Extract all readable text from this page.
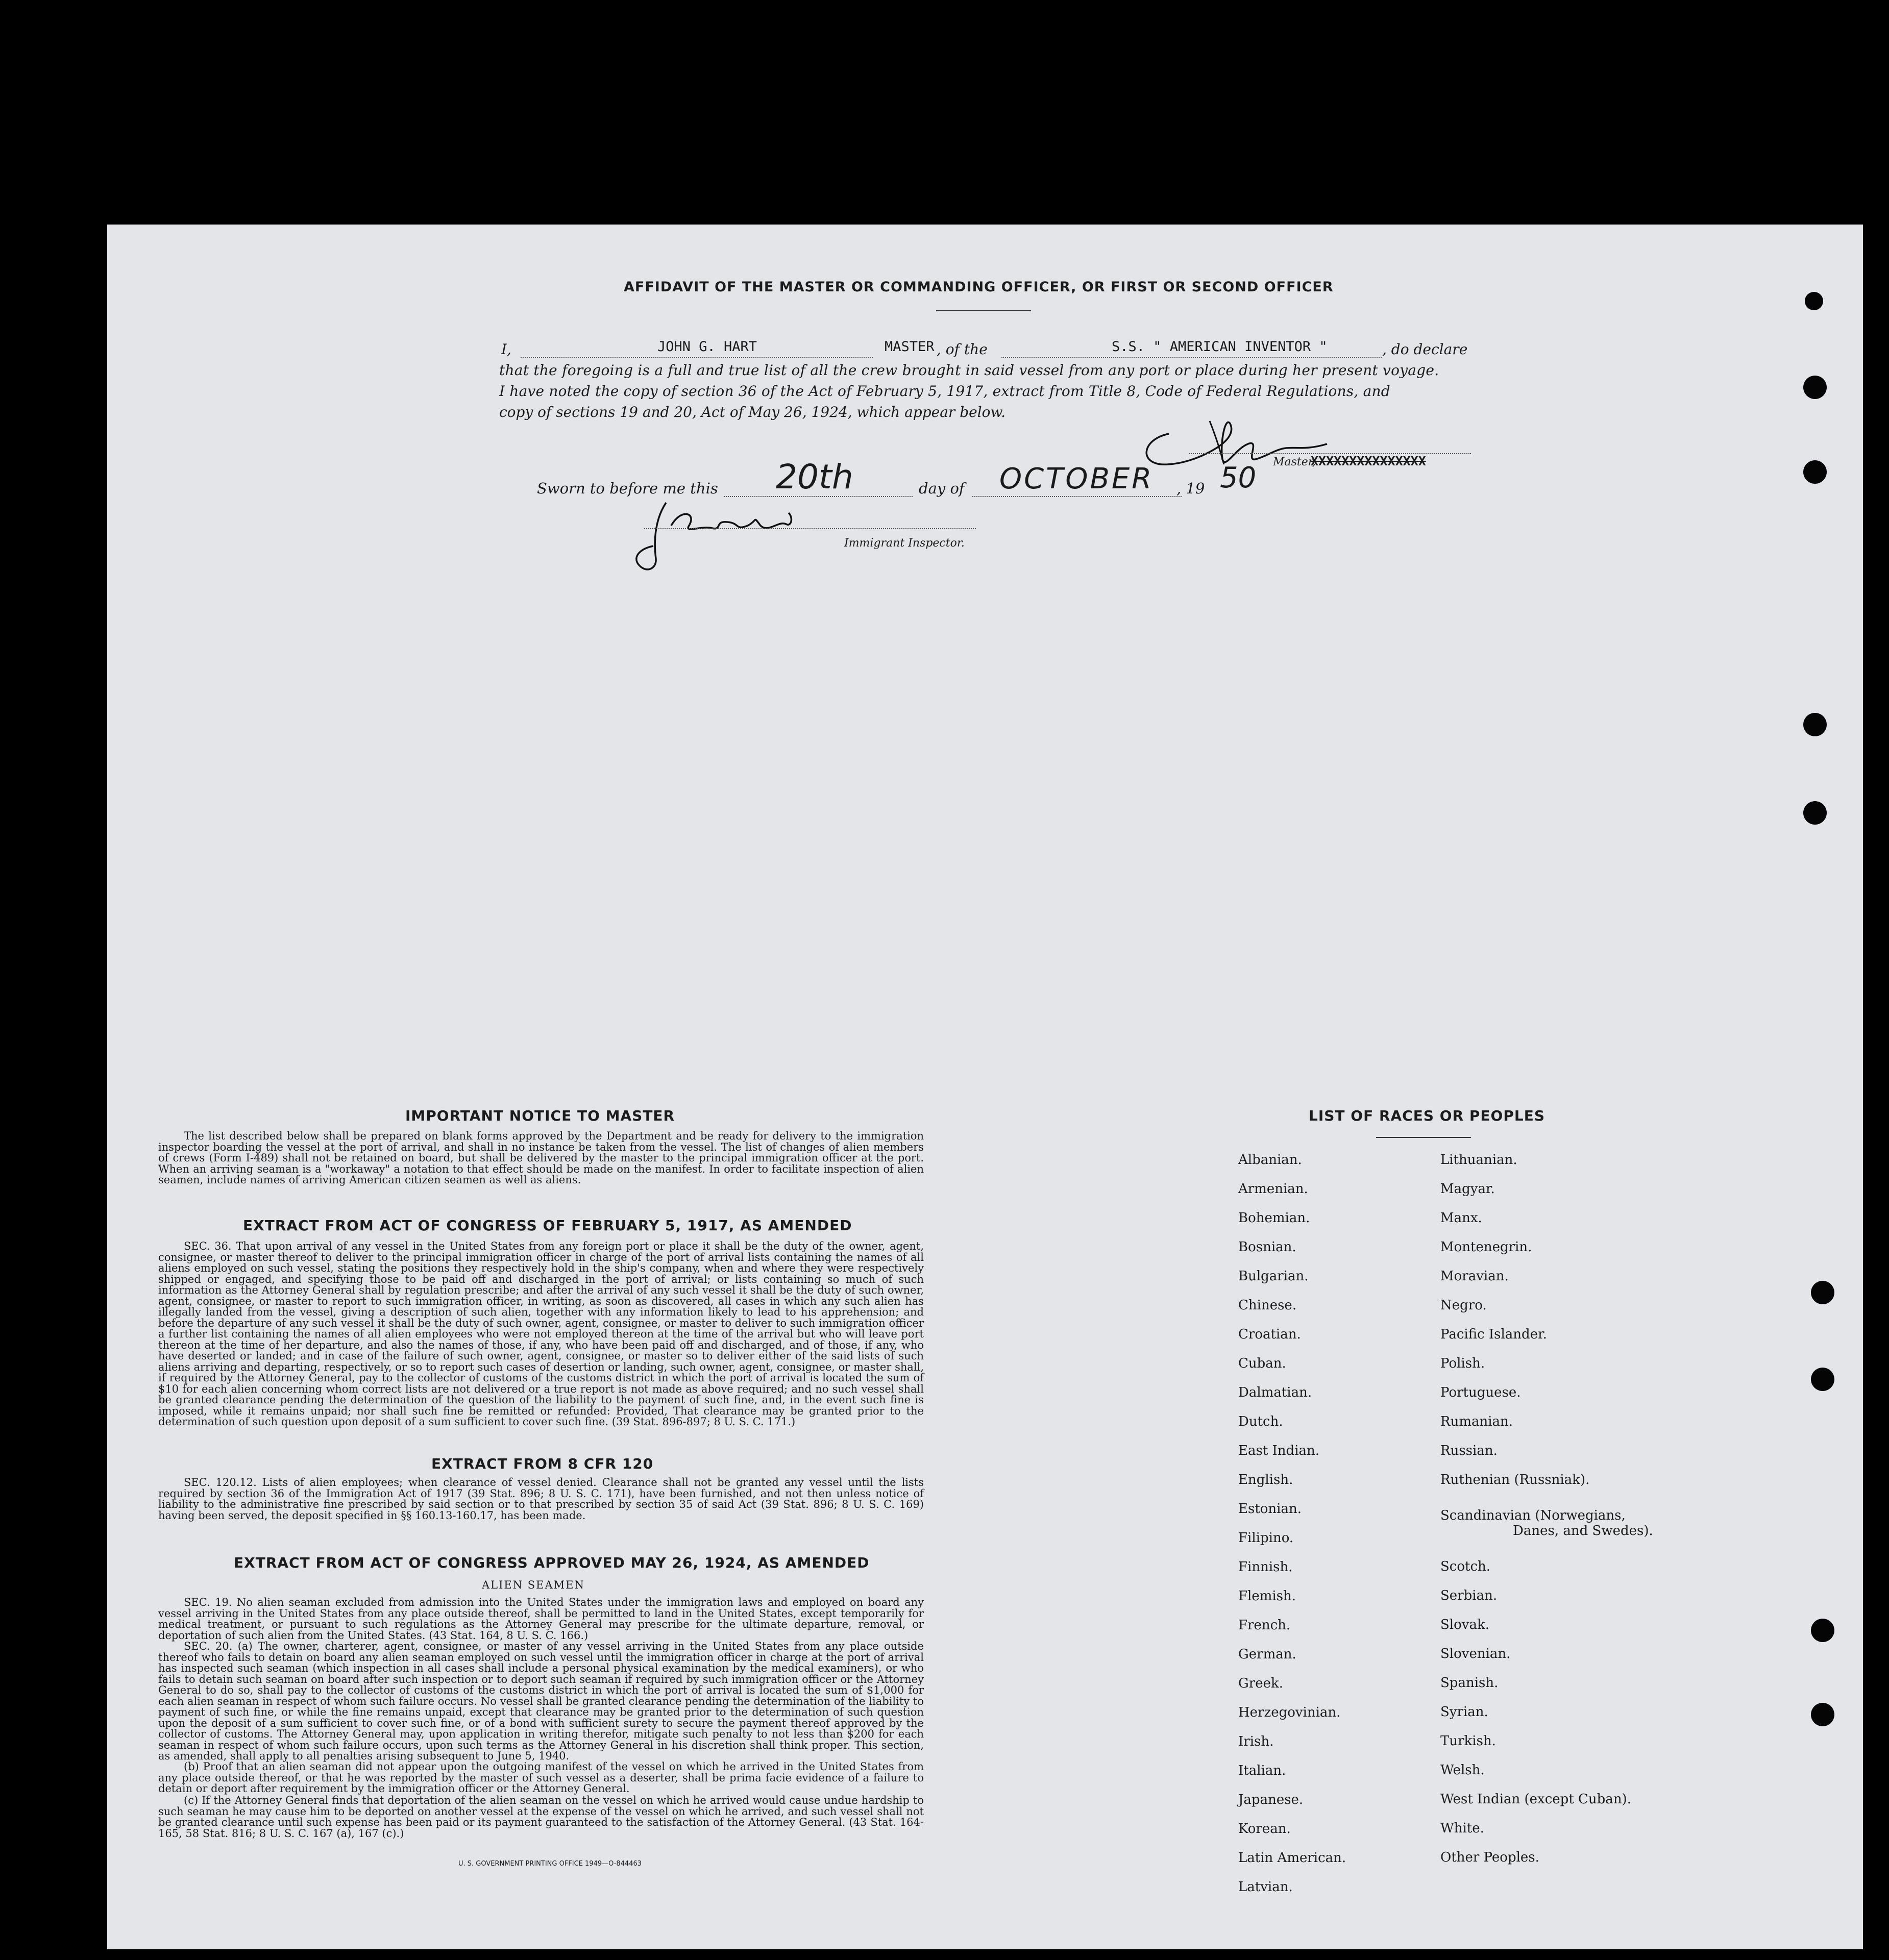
AFFIDAVIT OF THE MASTER OR COMMANDING OFFICER, OR FIRST OR SECOND OFFICER
I,	JOHN G. HART	MASTER , of the	S.S. " AMERICAN INVENTOR "	, do declare
that the foregoing is a full and true list of all the crew brought in said vessel from any port or place during her present voyage.
I have noted the copy of section 36 of the Act of February 5, 1917, extract from Title 8, Code of Federal Regulations, and
copy of sections 19 and 20, Act of May 26, 1924, which appear below.
Master,
XXXXXXXXXXXXXXX
Sworn to before me this 20th	day of OCTOBER , 19 50
Immigrant Inspector.
IMPORTANT NOTICE TO MASTER
The list described below shall be prepared on blank forms approved by the Department and be ready for delivery to the immigration inspector boarding the vessel at the port of arrival, and shall in no instance be taken from the vessel. The list of changes of alien members of crews (Form I-489) shall not be retained on board, but shall be delivered by the master to the principal immigration officer at the port. When an arriving seaman is a "workaway" a notation to that effect should be made on the manifest. In order to facilitate inspection of alien seamen, include names of arriving American citizen seamen as well as aliens.
EXTRACT FROM ACT OF CONGRESS OF FEBRUARY 5, 1917, AS AMENDED
SEC. 36. That upon arrival of any vessel in the United States from any foreign port or place it shall be the duty of the owner, agent, consignee, or master thereof to deliver to the principal immigration officer in charge of the port of arrival lists containing the names of all aliens employed on such vessel, stating the positions they respectively hold in the ship's company, when and where they were respectively shipped or engaged, and specifying those to be paid off and discharged in the port of arrival; or lists containing so much of such information as the Attorney General shall by regulation prescribe; and after the arrival of any such vessel it shall be the duty of such owner, agent, consignee, or master to report to such immigration officer, in writing, as soon as discovered, all cases in which any such alien has illegally landed from the vessel, giving a description of such alien, together with any information likely to lead to his apprehension; and before the departure of any such vessel it shall be the duty of such owner, agent, consignee, or master to deliver to such immigration officer a further list containing the names of all alien employees who were not employed thereon at the time of the arrival but who will leave port thereon at the time of her departure, and also the names of those, if any, who have been paid off and discharged, and of those, if any, who have deserted or landed; and in case of the failure of such owner, agent, consignee, or master so to deliver either of the said lists of such aliens arriving and departing, respectively, or so to report such cases of desertion or landing, such owner, agent, consignee, or master shall, if required by the Attorney General, pay to the collector of customs of the customs district in which the port of arrival is located the sum of $10 for each alien concerning whom correct lists are not delivered or a true report is not made as above required; and no such vessel shall be granted clearance pending the determination of the question of the liability to the payment of such fine, and, in the event such fine is imposed, while it remains unpaid; nor shall such fine be remitted or refunded: Provided, That clearance may be granted prior to the determination of such question upon deposit of a sum sufficient to cover such fine. (39 Stat. 896-897; 8 U. S. C. 171.)
EXTRACT FROM 8 CFR 120
SEC. 120.12. Lists of alien employees; when clearance of vessel denied. Clearance shall not be granted any vessel until the lists required by section 36 of the Immigration Act of 1917 (39 Stat. 896; 8 U. S. C. 171), have been furnished, and not then unless notice of liability to the administrative fine prescribed by said section or to that prescribed by section 35 of said Act (39 Stat. 896; 8 U. S. C. 169) having been served, the deposit specified in §§ 160.13-160.17, has been made.
EXTRACT FROM ACT OF CONGRESS APPROVED MAY 26, 1924, AS AMENDED
ALIEN SEAMEN
SEC. 19. No alien seaman excluded from admission into the United States under the immigration laws and employed on board any vessel arriving in the United States from any place outside thereof, shall be permitted to land in the United States, except temporarily for medical treatment, or pursuant to such regulations as the Attorney General may prescribe for the ultimate departure, removal, or deportation of such alien from the United States. (43 Stat. 164, 8 U. S. C. 166.)
SEC. 20. (a) The owner, charterer, agent, consignee, or master of any vessel arriving in the United States from any place outside thereof who fails to detain on board any alien seaman employed on such vessel until the immigration officer in charge at the port of arrival has inspected such seaman (which inspection in all cases shall include a personal physical examination by the medical examiners), or who fails to detain such seaman on board after such inspection or to deport such seaman if required by such immigration officer or the Attorney General to do so, shall pay to the collector of customs of the customs district in which the port of arrival is located the sum of $1,000 for each alien seaman in respect of whom such failure occurs. No vessel shall be granted clearance pending the determination of the liability to payment of such fine, or while the fine remains unpaid, except that clearance may be granted prior to the determination of such question upon the deposit of a sum sufficient to cover such fine, or of a bond with sufficient surety to secure the payment thereof approved by the collector of customs. The Attorney General may, upon application in writing therefor, mitigate such penalty to not less than $200 for each seaman in respect of whom such failure occurs, upon such terms as the Attorney General in his discretion shall think proper. This section, as amended, shall apply to all penalties arising subsequent to June 5, 1940.
(b) Proof that an alien seaman did not appear upon the outgoing manifest of the vessel on which he arrived in the United States from any place outside thereof, or that he was reported by the master of such vessel as a deserter, shall be prima facie evidence of a failure to detain or deport after requirement by the immigration officer or the Attorney General.
(c) If the Attorney General finds that deportation of the alien seaman on the vessel on which he arrived would cause undue hardship to such seaman he may cause him to be deported on another vessel at the expense of the vessel on which he arrived, and such vessel shall not be granted clearance until such expense has been paid or its payment guaranteed to the satisfaction of the Attorney General. (43 Stat. 164-165, 58 Stat. 816; 8 U. S. C. 167 (a), 167 (c).)
U. S. GOVERNMENT PRINTING OFFICE 1949—O-844463
LIST OF RACES OR PEOPLES
Albanian.
Armenian.
Bohemian.
Bosnian.
Bulgarian.
Chinese.
Croatian.
Cuban.
Dalmatian.
Dutch.
East Indian.
English.
Estonian.
Filipino.
Finnish.
Flemish.
French.
German.
Greek.
Herzegovinian.
Irish.
Italian.
Japanese.
Korean.
Latin American.
Latvian.
Lithuanian.
Magyar.
Manx.
Montenegrin.
Moravian.
Negro.
Pacific Islander.
Polish.
Portuguese.
Rumanian.
Russian.
Ruthenian (Russniak).
Scandinavian (Norwegians,
Danes, and Swedes).
Scotch.
Serbian.
Slovak.
Slovenian.
Spanish.
Syrian.
Turkish.
Welsh.
West Indian (except Cuban).
White.
Other Peoples.
